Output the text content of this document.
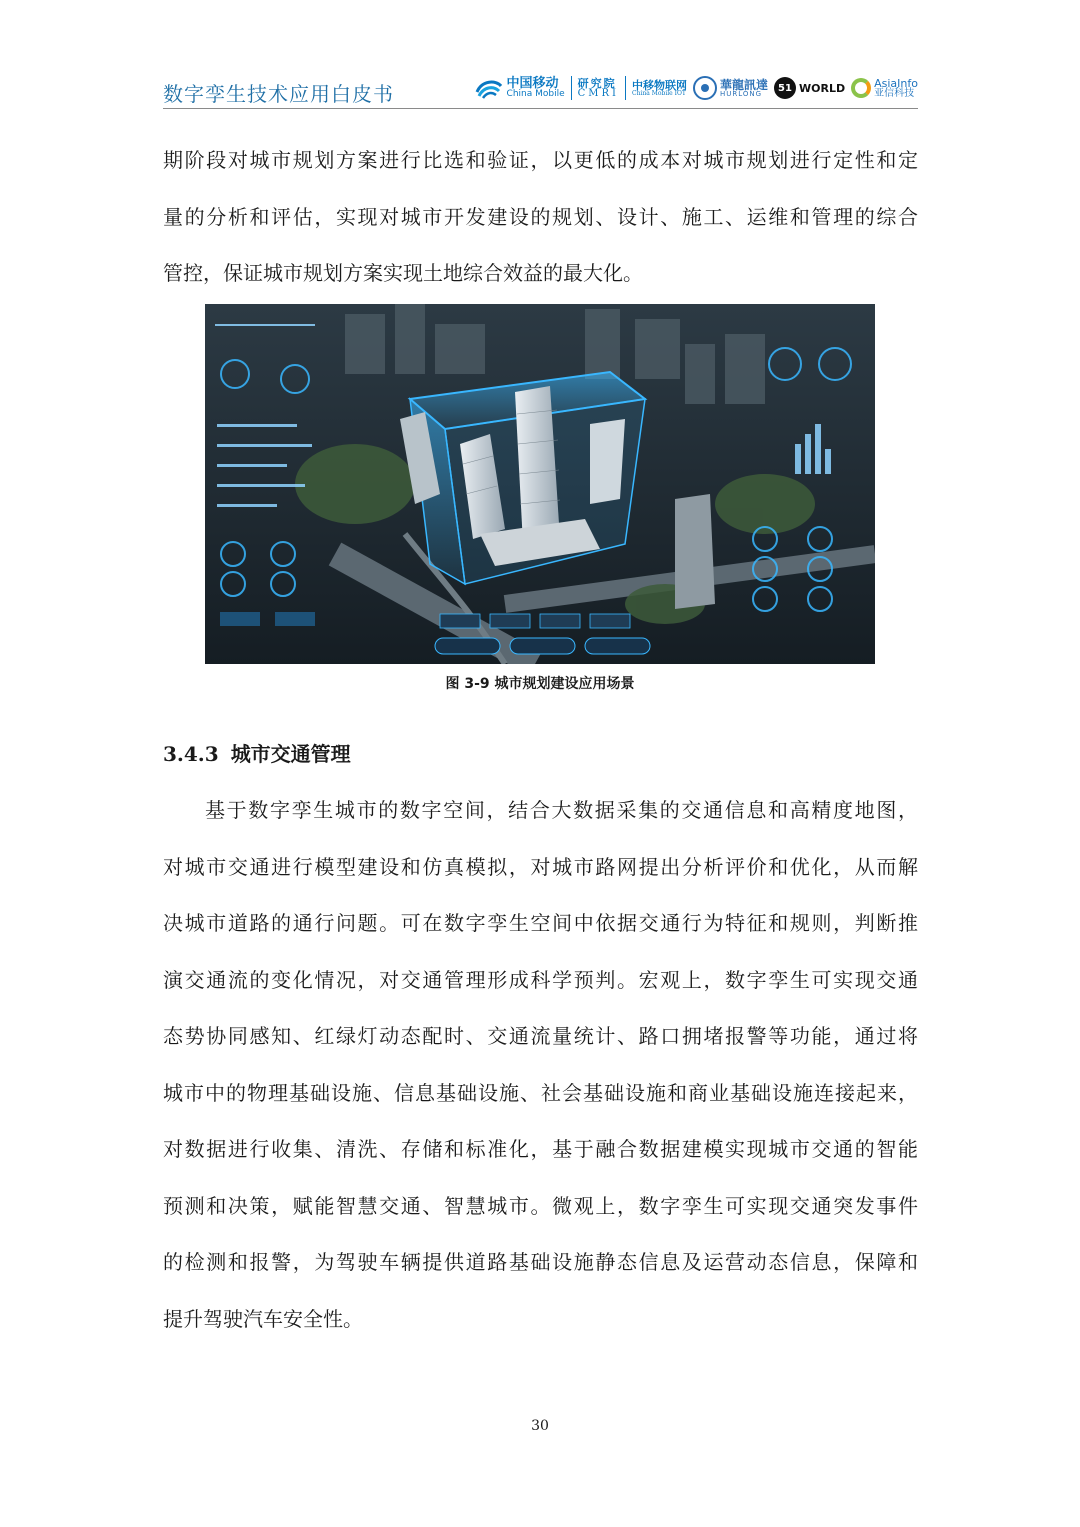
数字孪生技术应用白皮书	中国移动
China Mobile
研究院
CMRI
中移物联网
China Mobile IOT
華龍訊達
HURLONG	51 WORLD	AsiaInfo
亚信科技
期阶段对城市规划方案进行比选和验证，以更低的成本对城市规划进行定性和定
量的分析和评估，实现对城市开发建设的规划、设计、施工、运维和管理的综合
管控，保证城市规划方案实现土地综合效益的最大化。
图 3-9 城市规划建设应用场景
3.4.3 城市交通管理
基于数字孪生城市的数字空间，结合大数据采集的交通信息和高精度地图，
对城市交通进行模型建设和仿真模拟，对城市路网提出分析评价和优化，从而解
决城市道路的通行问题。可在数字孪生空间中依据交通行为特征和规则，判断推
演交通流的变化情况，对交通管理形成科学预判。宏观上，数字孪生可实现交通
态势协同感知、红绿灯动态配时、交通流量统计、路口拥堵报警等功能，通过将
城市中的物理基础设施、信息基础设施、社会基础设施和商业基础设施连接起来，
对数据进行收集、清洗、存储和标准化，基于融合数据建模实现城市交通的智能
预测和决策，赋能智慧交通、智慧城市。微观上，数字孪生可实现交通突发事件
的检测和报警，为驾驶车辆提供道路基础设施静态信息及运营动态信息，保障和
提升驾驶汽车安全性。
30
